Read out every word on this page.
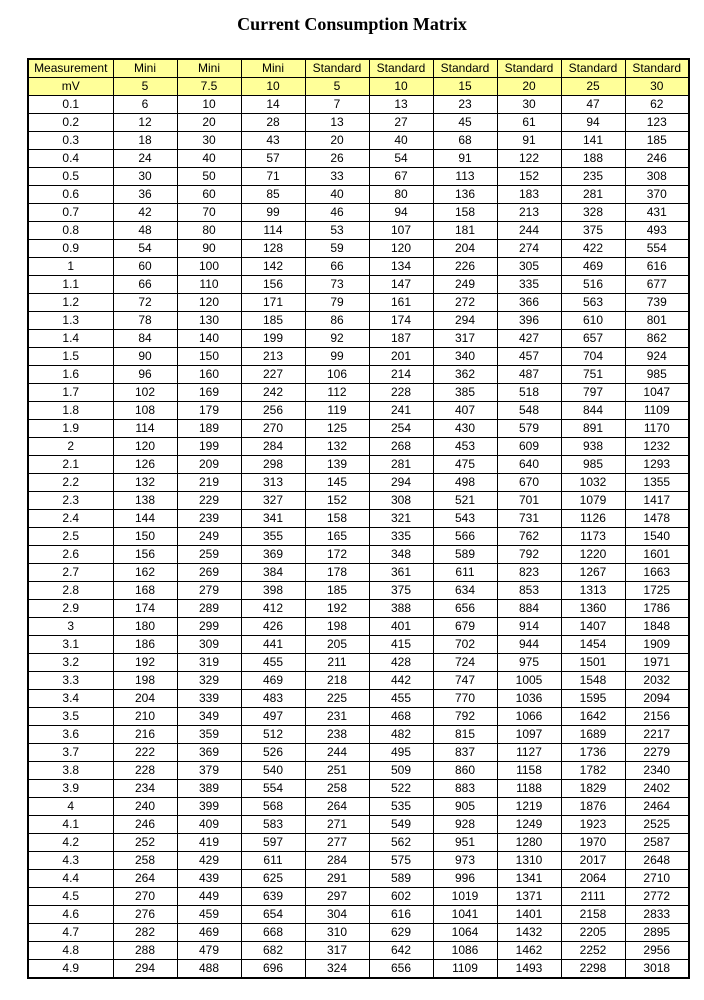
Current Consumption Matrix
Measurement	Mini	Mini	Mini	Standard	Standard	Standard	Standard	Standard	Standard
mV	5	7.5	10	5	10	15	20	25	30
0.1	6	10	14	7	13	23	30	47	62
0.2	12	20	28	13	27	45	61	94	123
0.3	18	30	43	20	40	68	91	141	185
0.4	24	40	57	26	54	91	122	188	246
0.5	30	50	71	33	67	113	152	235	308
0.6	36	60	85	40	80	136	183	281	370
0.7	42	70	99	46	94	158	213	328	431
0.8	48	80	114	53	107	181	244	375	493
0.9	54	90	128	59	120	204	274	422	554
1	60	100	142	66	134	226	305	469	616
1.1	66	110	156	73	147	249	335	516	677
1.2	72	120	171	79	161	272	366	563	739
1.3	78	130	185	86	174	294	396	610	801
1.4	84	140	199	92	187	317	427	657	862
1.5	90	150	213	99	201	340	457	704	924
1.6	96	160	227	106	214	362	487	751	985
1.7	102	169	242	112	228	385	518	797	1047
1.8	108	179	256	119	241	407	548	844	1109
1.9	114	189	270	125	254	430	579	891	1170
2	120	199	284	132	268	453	609	938	1232
2.1	126	209	298	139	281	475	640	985	1293
2.2	132	219	313	145	294	498	670	1032	1355
2.3	138	229	327	152	308	521	701	1079	1417
2.4	144	239	341	158	321	543	731	1126	1478
2.5	150	249	355	165	335	566	762	1173	1540
2.6	156	259	369	172	348	589	792	1220	1601
2.7	162	269	384	178	361	611	823	1267	1663
2.8	168	279	398	185	375	634	853	1313	1725
2.9	174	289	412	192	388	656	884	1360	1786
3	180	299	426	198	401	679	914	1407	1848
3.1	186	309	441	205	415	702	944	1454	1909
3.2	192	319	455	211	428	724	975	1501	1971
3.3	198	329	469	218	442	747	1005	1548	2032
3.4	204	339	483	225	455	770	1036	1595	2094
3.5	210	349	497	231	468	792	1066	1642	2156
3.6	216	359	512	238	482	815	1097	1689	2217
3.7	222	369	526	244	495	837	1127	1736	2279
3.8	228	379	540	251	509	860	1158	1782	2340
3.9	234	389	554	258	522	883	1188	1829	2402
4	240	399	568	264	535	905	1219	1876	2464
4.1	246	409	583	271	549	928	1249	1923	2525
4.2	252	419	597	277	562	951	1280	1970	2587
4.3	258	429	611	284	575	973	1310	2017	2648
4.4	264	439	625	291	589	996	1341	2064	2710
4.5	270	449	639	297	602	1019	1371	2111	2772
4.6	276	459	654	304	616	1041	1401	2158	2833
4.7	282	469	668	310	629	1064	1432	2205	2895
4.8	288	479	682	317	642	1086	1462	2252	2956
4.9	294	488	696	324	656	1109	1493	2298	3018
